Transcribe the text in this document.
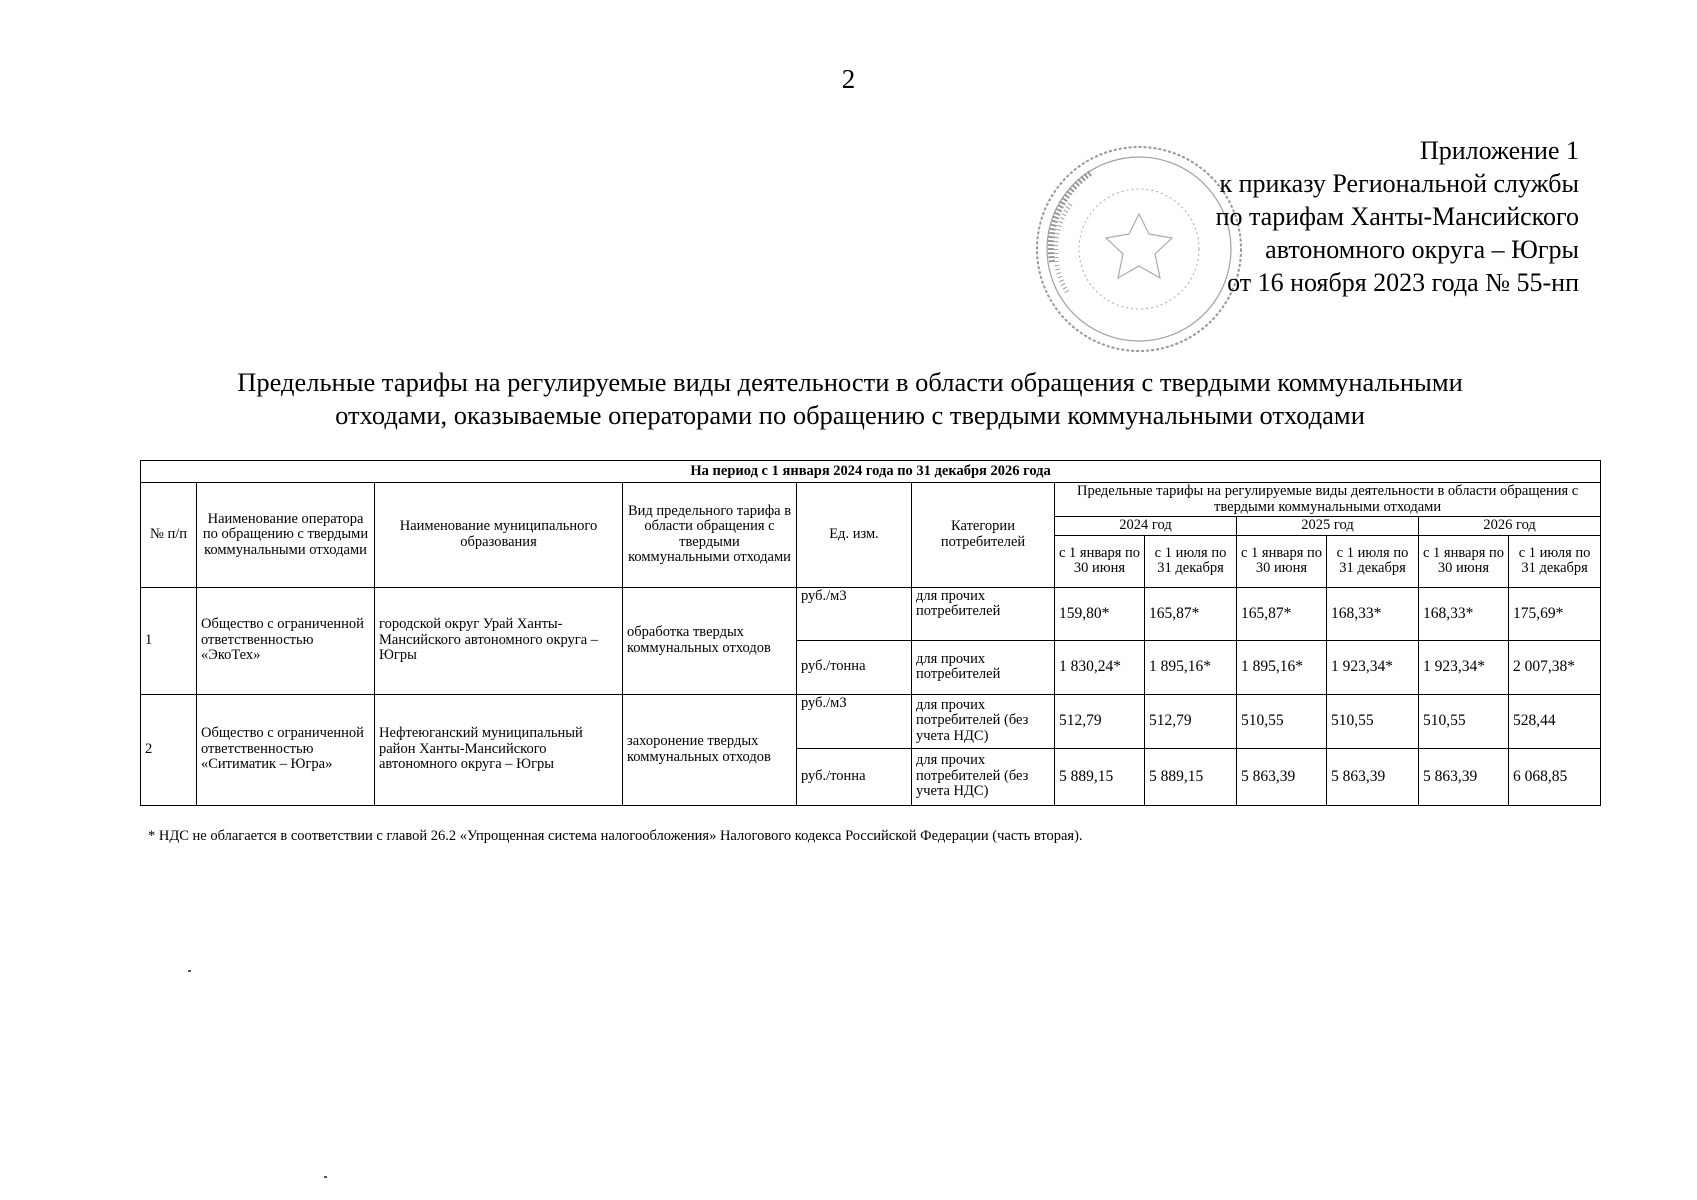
2
Приложение 1
к приказу Региональной службы
по тарифам Ханты-Мансийского
автономного округа – Югры
от 16 ноября 2023 года № 55-нп
Предельные тарифы на регулируемые виды деятельности в области обращения с твердыми коммунальными
отходами, оказываемые операторами по обращению с твердыми коммунальными отходами
На период с 1 января 2024 года по 31 декабря 2026 года											
№ п/п	Наименование оператора по обращению с твердыми коммунальными отходами	Наименование муниципального образования	Вид предельного тарифа в области обращения с твердыми коммунальными отходами	Ед. изм.	Категории потребителей	Предельные тарифы на регулируемые виды деятельности в области обращения с твердыми коммунальными отходами					
						2024 год		2025 год		2026 год	
						с 1 января по 30 июня	с 1 июля по 31 декабря	с 1 января по 30 июня	с 1 июля по 31 декабря	с 1 января по 30 июня	с 1 июля по 31 декабря
1	Общество с ограниченной ответственностью «ЭкоТех»	городской округ Урай Ханты-Мансийского автономного округа – Югры	обработка твердых коммунальных отходов	руб./м3	для прочих потребителей	159,80*	165,87*	165,87*	168,33*	168,33*	175,69*
				руб./тонна	для прочих потребителей	1 830,24*	1 895,16*	1 895,16*	1 923,34*	1 923,34*	2 007,38*
2	Общество с ограниченной ответственностью «Ситиматик – Югра»	Нефтеюганский муниципальный район Ханты-Мансийского автономного округа – Югры	захоронение твердых коммунальных отходов	руб./м3	для прочих потребителей (без учета НДС)	512,79	512,79	510,55	510,55	510,55	528,44
				руб./тонна	для прочих потребителей (без учета НДС)	5 889,15	5 889,15	5 863,39	5 863,39	5 863,39	6 068,85
* НДС не облагается в соответствии с главой 26.2 «Упрощенная система налогообложения» Налогового кодекса Российской Федерации (часть вторая).
